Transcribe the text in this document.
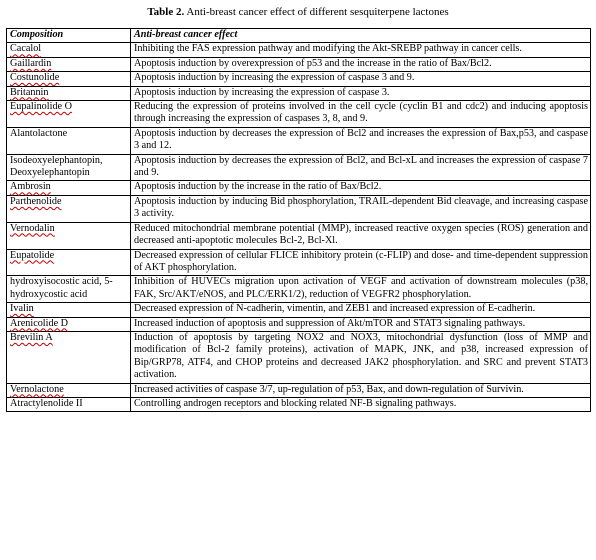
Table 2. Anti-breast cancer effect of different sesquiterpene lactones
Composition	Anti-breast cancer effect
Cacalol	Inhibiting the FAS expression pathway and modifying the Akt-SREBP pathway in cancer cells.
Gaillardin	Apoptosis induction by overexpression of p53 and the increase in the ratio of Bax/Bcl2.
Costunolide	Apoptosis induction by increasing the expression of caspase 3 and 9.
Britannin	Apoptosis induction by increasing the expression of caspase 3.
Eupalinolide O	Reducing the expression of proteins involved in the cell cycle (cyclin B1 and cdc2) and inducing apoptosis through increasing the expression of caspases 3, 8, and 9.
Alantolactone	Apoptosis induction by decreases the expression of Bcl2 and increases the expression of Bax,p53, and caspase 3 and 12.
Isodeoxyelephantopin, Deoxyelephantopin	Apoptosis induction by decreases the expression of Bcl2, and Bcl-xL and increases the expression of caspase 7 and 9.
Ambrosin	Apoptosis induction by the increase in the ratio of Bax/Bcl2.
Parthenolide	Apoptosis induction by inducing Bid phosphorylation, TRAIL-dependent Bid cleavage, and increasing caspase 3 activity.
Vernodalin	Reduced mitochondrial membrane potential (MMP), increased reactive oxygen species (ROS) generation and decreased anti-apoptotic molecules Bcl-2, Bcl-Xl.
Eupatolide	Decreased expression of cellular FLICE inhibitory protein (c-FLIP) and dose- and time-dependent suppression of AKT phosphorylation.
hydroxyisocostic acid, 5-hydroxycostic acid	Inhibition of HUVECs migration upon activation of VEGF and activation of downstream molecules (p38, FAK, Src/AKT/eNOS, and PLC/ERK1/2), reduction of VEGFR2 phosphorylation.
Ivalin	Decreased expression of N-cadherin, vimentin, and ZEB1 and increased expression of E-cadherin.
Arenicolide D	Increased induction of apoptosis and suppression of Akt/mTOR and STAT3 signaling pathways.
Brevilin A	Induction of apoptosis by targeting NOX2 and NOX3, mitochondrial dysfunction (loss of MMP and modification of Bcl-2 family proteins), activation of MAPK, JNK, and p38, increased expression of Bip/GRP78, ATF4, and CHOP proteins and decreased JAK2 phosphorylation. and SRC and prevent STAT3 activation.
Vernolactone	Increased activities of caspase 3/7, up-regulation of p53, Bax, and down-regulation of Survivin.
Atractylenolide II	Controlling androgen receptors and blocking related NF-B signaling pathways.
